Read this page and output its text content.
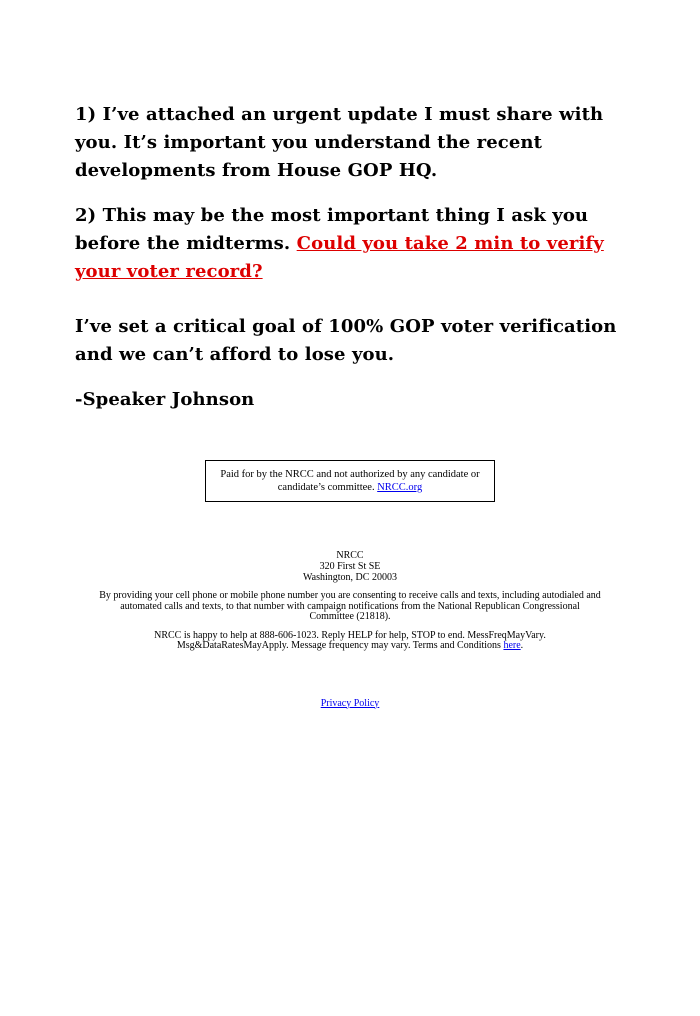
1) I’ve attached an urgent update I must share with you. It’s important you understand the recent developments from House GOP HQ.

2) This may be the most important thing I ask you before the midterms. Could you take 2 min to verify your voter record?

I’ve set a critical goal of 100% GOP voter verification and we can’t afford to lose you.

-Speaker Johnson

Paid for by the NRCC and not authorized by any candidate or candidate’s committee. NRCC.org
NRCC
320 First St SE
Washington, DC 20003

By providing your cell phone or mobile phone number you are consenting to receive calls and texts, including autodialed and automated calls and texts, to that number with campaign notifications from the National Republican Congressional Committee (21818).

NRCC is happy to help at 888-606-1023. Reply HELP for help, STOP to end. MessFreqMayVary. Msg&DataRatesMayApply. Message frequency may vary. Terms and Conditions here.

Privacy Policy
